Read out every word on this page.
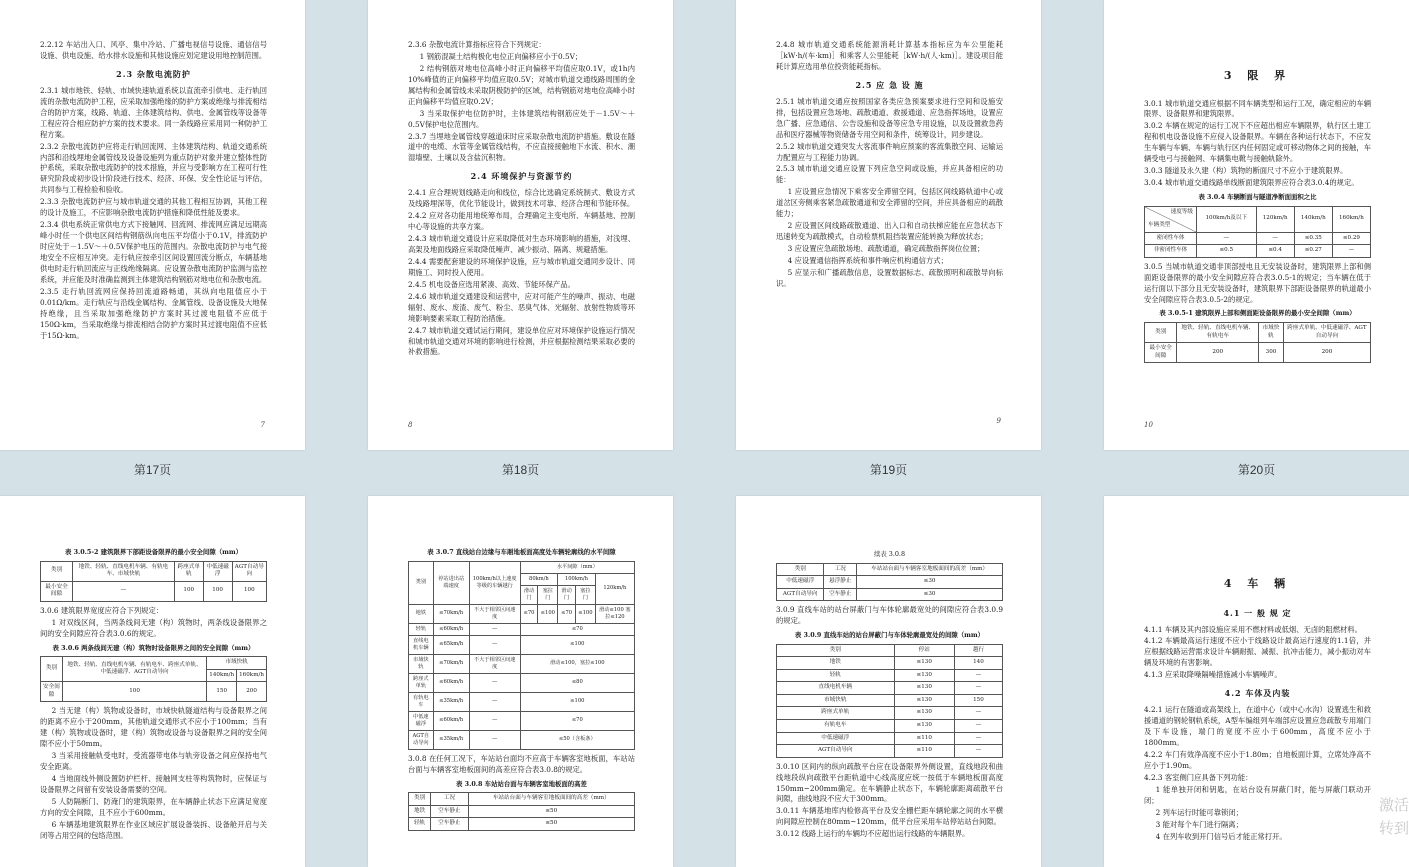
2.2.12 车站出入口、风亭、集中冷站、广播电视信号设施、通信信号设施、供电设施、给水排水设施和其他设施应划定建设用地控制范围。

2.3 杂散电流防护

2.3.1 城市地铁、轻轨、市域快速轨道系统以直流牵引供电、走行轨回流的杂散电流防护工程，应采取加强绝缘的防护方案或绝缘与排流相结合的防护方案，线路、轨道、主体建筑结构、供电、金属管线等设备等工程应符合相应防护方案的技术要求。同一条线路应采用同一种防护工程方案。

2.3.2 杂散电流防护应将走行轨回流网、主体建筑结构、轨道交通系统内部和沿线埋地金属管线及设备设施列为重点防护对象并建立整体性防护系统，采取杂散电流防护的技术措施，并应与受影响方在工程可行性研究阶段或初步设计阶段进行技术、经济、环保、安全性论证与评估，共同参与工程检验和验收。

2.3.3 杂散电流防护应与城市轨道交通的其他工程相互协调，其他工程的设计及施工，不应影响杂散电流防护措施和降低性能及要求。

2.3.4 供电系统正常供电方式下接触网、回流网、排流网应满足远期高峰小时任一个供电区间结构钢筋纵向电压平均值小于0.1V，排流防护时应处于－1.5V～＋0.5V保护电压的范围内。杂散电流防护与电气接地安全不应相互冲突。走行轨应按牵引区间设置回流分断点，车辆基地供电时走行轨回流应与正线绝缘隔离。应设置杂散电流防护监测与监控系统，并应能及时准确监测到主体建筑结构钢筋对地电位和杂散电流。

2.3.5 走行轨回流网应保持回流道路畅通，其纵向电阻值应小于0.01Ω/km。走行轨应与沿线金属结构、金属管线、设备设施及大地保持绝缘，且当采取加强绝缘防护方案时其过渡电阻值不应低于150Ω·km，当采取绝缘与排流相结合防护方案时其过渡电阻值不应低于15Ω·km。

7
第17页

2.3.6 杂散电流计算指标应符合下列规定：

1 钢筋混凝土结构极化电位正向偏移应小于0.5V；

2 结构钢筋对地电位高峰小时正向偏移平均值应取0.1V，或1h内10%峰值的正向偏移平均值应取0.5V；对城市轨道交通线路周围的金属结构和金属管线未采取阴极防护的区域，结构钢筋对地电位高峰小时正向偏移平均值应取0.2V；

3 当采取保护电位防护时，主体建筑结构钢筋应处于－1.5V～＋0.5V保护电位范围内。

2.3.7 当埋地金属管线穿越道床时应采取杂散电流防护措施。敷设在隧道中的电缆、水管等金属管线结构，不应直接接触地下水流、积水、潮湿墙壁、土壤以及含盐沉积物。

2.4 环境保护与资源节约

2.4.1 应合理规划线路走向和线位，综合比选确定系统制式、敷设方式及线路埋深等，优化节能设计，做到技术可靠、经济合理和节能环保。

2.4.2 应对各功能用地统筹布局，合理确定主变电所、车辆基地、控制中心等设施的共享方案。

2.4.3 城市轨道交通设计应采取降低对生态环境影响的措施，对浅埋、高架及地面线路应采取降低噪声、减少振动、隔离、规避措施。

2.4.4 需要配套建设的环境保护设施，应与城市轨道交通同步设计、同期施工、同时投入使用。

2.4.5 机电设备应选用紧凑、高效、节能环保产品。

2.4.6 城市轨道交通建设和运营中，应对可能产生的噪声、振动、电磁辐射、废水、废渣、废气、粉尘、恶臭气体、光辐射、放射性物质等环境影响要素采取工程防治措施。

2.4.7 城市轨道交通试运行期间，建设单位应对环境保护设施运行情况和城市轨道交通对环境的影响进行检测，并应根据检测结果采取必要的补救措施。

8
第18页

2.4.8 城市轨道交通系统能源消耗计算基本指标应为车公里能耗［kW·h/(车·km)］和乘客人公里能耗［kW·h/(人·km)］。建设项目能耗计算应选用单位投资能耗指标。

2.5 应 急 设 施

2.5.1 城市轨道交通应按照国家各类应急预案要求进行空间和设施安排，包括设置应急场地、疏散通道、救援通道、应急指挥场地，设置应急广播、应急通信、公告设施和设备等应急专用设施，以及设置救急药品和医疗器械等物资储备专用空间和条件，统筹设计，同步建设。

2.5.2 城市轨道交通突发大客流事件响应预案的客流集散空间、运输运力配置应与工程能力协调。

2.5.3 城市轨道交通应设置下列应急空间或设施，并应具备相应的功能：

1 应设置应急情况下乘客安全滞留空间，包括区间线路轨道中心或道岔区旁侧乘客紧急疏散通道和安全滞留的空间，并应具备相应的疏散能力；

2 应设置区间线路疏散通道、出入口和自动扶梯应能在应急状态下迅速转变为疏散模式，自动检票机阻挡装置应能转换为释放状态；

3 应设置应急疏散场地、疏散通道，确定疏散指挥岗位位置；

4 应设置通信指挥系统和事件响应机构通信方式；

5 应显示和广播疏散信息，设置数据标志、疏散照明和疏散导向标识。

9
第19页
3 限 界

3.0.1 城市轨道交通应根据不同车辆类型和运行工况，确定相应的车辆限界、设备限界和建筑限界。

3.0.2 车辆在规定的运行工况下不应超出相应车辆限界，轨行区土建工程和机电设备设施不应侵入设备限界。车辆在各种运行状态下，不应发生车辆与车辆、车辆与轨行区内任何固定或可移动物体之间的接触，车辆受电弓与接触网、车辆集电靴与接触轨除外。

3.0.3 隧道及永久建（构）筑物的断面尺寸不应小于建筑限界。

3.0.4 城市轨道交通线路单线断面建筑限界应符合表3.0.4的规定。

表 3.0.4 车辆断面与隧道净断面面积之比
速度等级
车辆类型	100km/h及以下	120km/h	140km/h	160km/h
密闭性车体	—	—	≤0.35	≤0.29
非密闭性车体	≤0.5	≤0.4	≤0.27	—

3.0.5 当城市轨道交通非顶部授电且无安装设备时，建筑限界上部和侧面距设备限界的最小安全间隙应符合表3.0.5-1的规定；当车辆在低于运行面以下部分且无安装设备时，建筑限界下部距设备限界的轨道最小安全间隙应符合表3.0.5-2的规定。

表 3.0.5-1 建筑限界上部和侧面距设备限界的最小安全间隙（mm）
类别	地铁、轻轨、直线电机车辆、有轨电车	市域快轨	跨座式单轨、中低速磁浮、AGT自动导向
最小安全间隙	200	300	200
10
第20页
表 3.0.5-2 建筑限界下部距设备限界的最小安全间隙（mm）
类别	地铁、轻轨、直线电机车辆、有轨电车、市域快轨	跨座式单轨	中低速磁浮	AGT自动导向
最小安全间隙	—	100	100	100

3.0.6 建筑限界宽度应符合下列规定：

1 对双线区间，当两条线间无建（构）筑物时，两条线设备限界之间的安全间隙应符合表3.0.6的规定。

表 3.0.6 两条线间无建（构）筑物时设备限界之间的安全间隙（mm）
类别	地铁、轻轨、直线电机车辆、有轨电车、跨座式单轨、中低速磁浮、AGT自动导向	市域快轨	
		140km/h	160km/h
安全间隙	100	150	200

2 当无建（构）筑物或设备时，市域快轨隧道结构与设备限界之间的距离不应小于200mm，其他轨道交通形式不应小于100mm；当有建（构）筑物或设备时，建（构）筑物或设备与设备限界之间的安全间隙不应小于50mm。

3 当采用接触轨受电时，受流器带电体与轨旁设备之间应保持电气安全距离。

4 当地面线外侧设置防护栏杆、接触网支柱等构筑物时，应保证与设备限界之间留有安装设备需要的空间。

5 人防隔断门、防淹门的建筑限界，在车辆静止状态下应满足宽度方向的安全间隙，且不应小于600mm。

6 车辆基地建筑限界在作业区域应扩展设备装拆、设备舱开启与关闭等占用空间的包络范围。

表 3.0.7 直线站台边缘与车厢地板面高度处车辆轮廓线的水平间隙
类别	停站进出站端速度	100km/h以上速度等级的车辆越行	水平间隙（mm）				
			80km/h		100km/h		120km/h
			滑动门	塞拉门	滑动门	塞拉门	
地铁	≤70km/h	不大于相邻区间速度	≤70	≤100	≤70	≤100	滑动≤100 塞拉≤120
轻轨	≤60km/h	—	≤70				
直线电机车辆	≤65km/h	—	≤100				
市域快轨	≤70km/h	不大于相邻区间速度	滑动≤100，塞拉≤100				
跨座式单轨	≤60km/h	—	≤80				
有轨电车	≤35km/h	—	≤100				
中低速磁浮	≤60km/h	—	≤70				
AGT自动导向	≤35km/h	—	≤50（含板条）				

3.0.8 在任何工况下，车站站台面均不应高于车辆客室地板面，车站站台面与车辆客室地板面间的高差应符合表3.0.8的规定。

表 3.0.8 车站站台面与车辆客室地板面的高差
类别	工况	车站站台面与车辆客室地板面间的高差（mm）
地铁	空车静止	≤50
轻轨	空车静止	≤50
续表 3.0.8
类别	工况	车站站台面与车辆客室地板面间的高差（mm）
中低速磁浮	悬浮静止	≤30
AGT自动导向	空车静止	≤30

3.0.9 直线车站的站台屏蔽门与车体轮廓最宽处的间隙应符合表3.0.9的规定。

表 3.0.9 直线车站的站台屏蔽门与车体轮廓最宽处的间隙（mm）
类别	停站	越行
地铁	≤130	140
轻轨	≤130	—
直线电机车辆	≤130	—
市域快轨	≤130	150
跨座式单轨	≤130	—
有轨电车	≤130	—
中低速磁浮	≤110	—
AGT自动导向	≤110	—

3.0.10 区间内的纵向疏散平台应在设备限界外侧设置，直线地段和曲线地段纵向疏散平台距轨道中心线高度应统一按低于车辆地板面高度150mm~200mm确定。在车辆静止状态下，车辆轮廓距离疏散平台间隙，曲线地段不应大于300mm。

3.0.11 车辆基地库内检修高平台及安全栅栏距车辆轮廓之间的水平横向间隙应控制在80mm~120mm，低平台应采用车站停站站台间隙。

3.0.12 线路上运行的车辆均不应超出运行线路的车辆限界。

4 车 辆
4.1 一 般 规 定

4.1.1 车辆及其内部设施应采用不燃材料或低烟、无卤的阻燃材料。

4.1.2 车辆最高运行速度不应小于线路设计最高运行速度的1.1倍，并应根据线路运营需求设计车辆耐振、减振、抗冲击能力，减小振动对车辆及环境的有害影响。

4.1.3 应采取降噪隔噪措施减小车辆噪声。

4.2 车体及内装

4.2.1 运行在隧道或高架线上，在道中心（或中心水沟）设置逃生和救援通道的钢轮钢轨系统，A型车编组列车端部应设置应急疏散专用端门及下车设施，端门的宽度不应小于600mm，高度不应小于1800mm。

4.2.2 车门有效净高度不应小于1.80m；自地板面计算，立席处净高不应小于1.90m。

4.2.3 客室侧门应具备下列功能：

1 能单独开闭和钥匙，在站台设有屏蔽门时，能与屏蔽门联动开闭；

2 列车运行时能可靠锁闭；

3 能对每个车门进行隔离；

4 在列车收到开门信号后才能正常打开。

激活
转到
